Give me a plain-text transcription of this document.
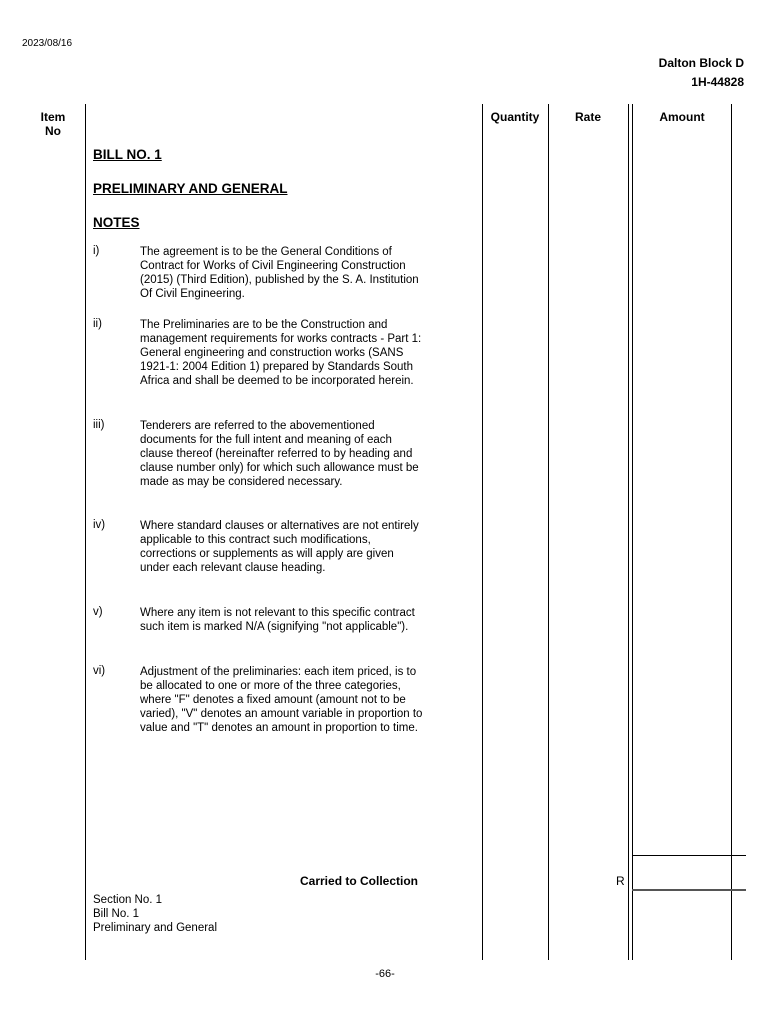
2023/08/16
Dalton Block D
1H-44828
Item
No
Quantity	Rate	Amount
BILL NO. 1
PRELIMINARY AND GENERAL
NOTES
i)	The agreement is to be the General Conditions of Contract for Works of Civil Engineering Construction (2015) (Third Edition), published by the S. A. Institution Of Civil Engineering.
ii)	The Preliminaries are to be the Construction and management requirements for works contracts - Part 1: General engineering and construction works (SANS 1921-1: 2004 Edition 1) prepared by Standards South Africa and shall be deemed to be incorporated herein.
iii)	Tenderers are referred to the abovementioned documents for the full intent and meaning of each clause thereof (hereinafter referred to by heading and clause number only) for which such allowance must be made as may be considered necessary.
iv)	Where standard clauses or alternatives are not entirely applicable to this contract such modifications, corrections or supplements as will apply are given under each relevant clause heading.
v)	Where any item is not relevant to this specific contract such item is marked N/A (signifying "not applicable").
vi)	Adjustment of the preliminaries: each item priced, is to be allocated to one or more of the three categories, where "F" denotes a fixed amount (amount not to be varied), "V" denotes an amount variable in proportion to value and "T" denotes an amount in proportion to time.
Carried to Collection	R
Section No. 1
Bill No. 1
Preliminary and General
-66-
